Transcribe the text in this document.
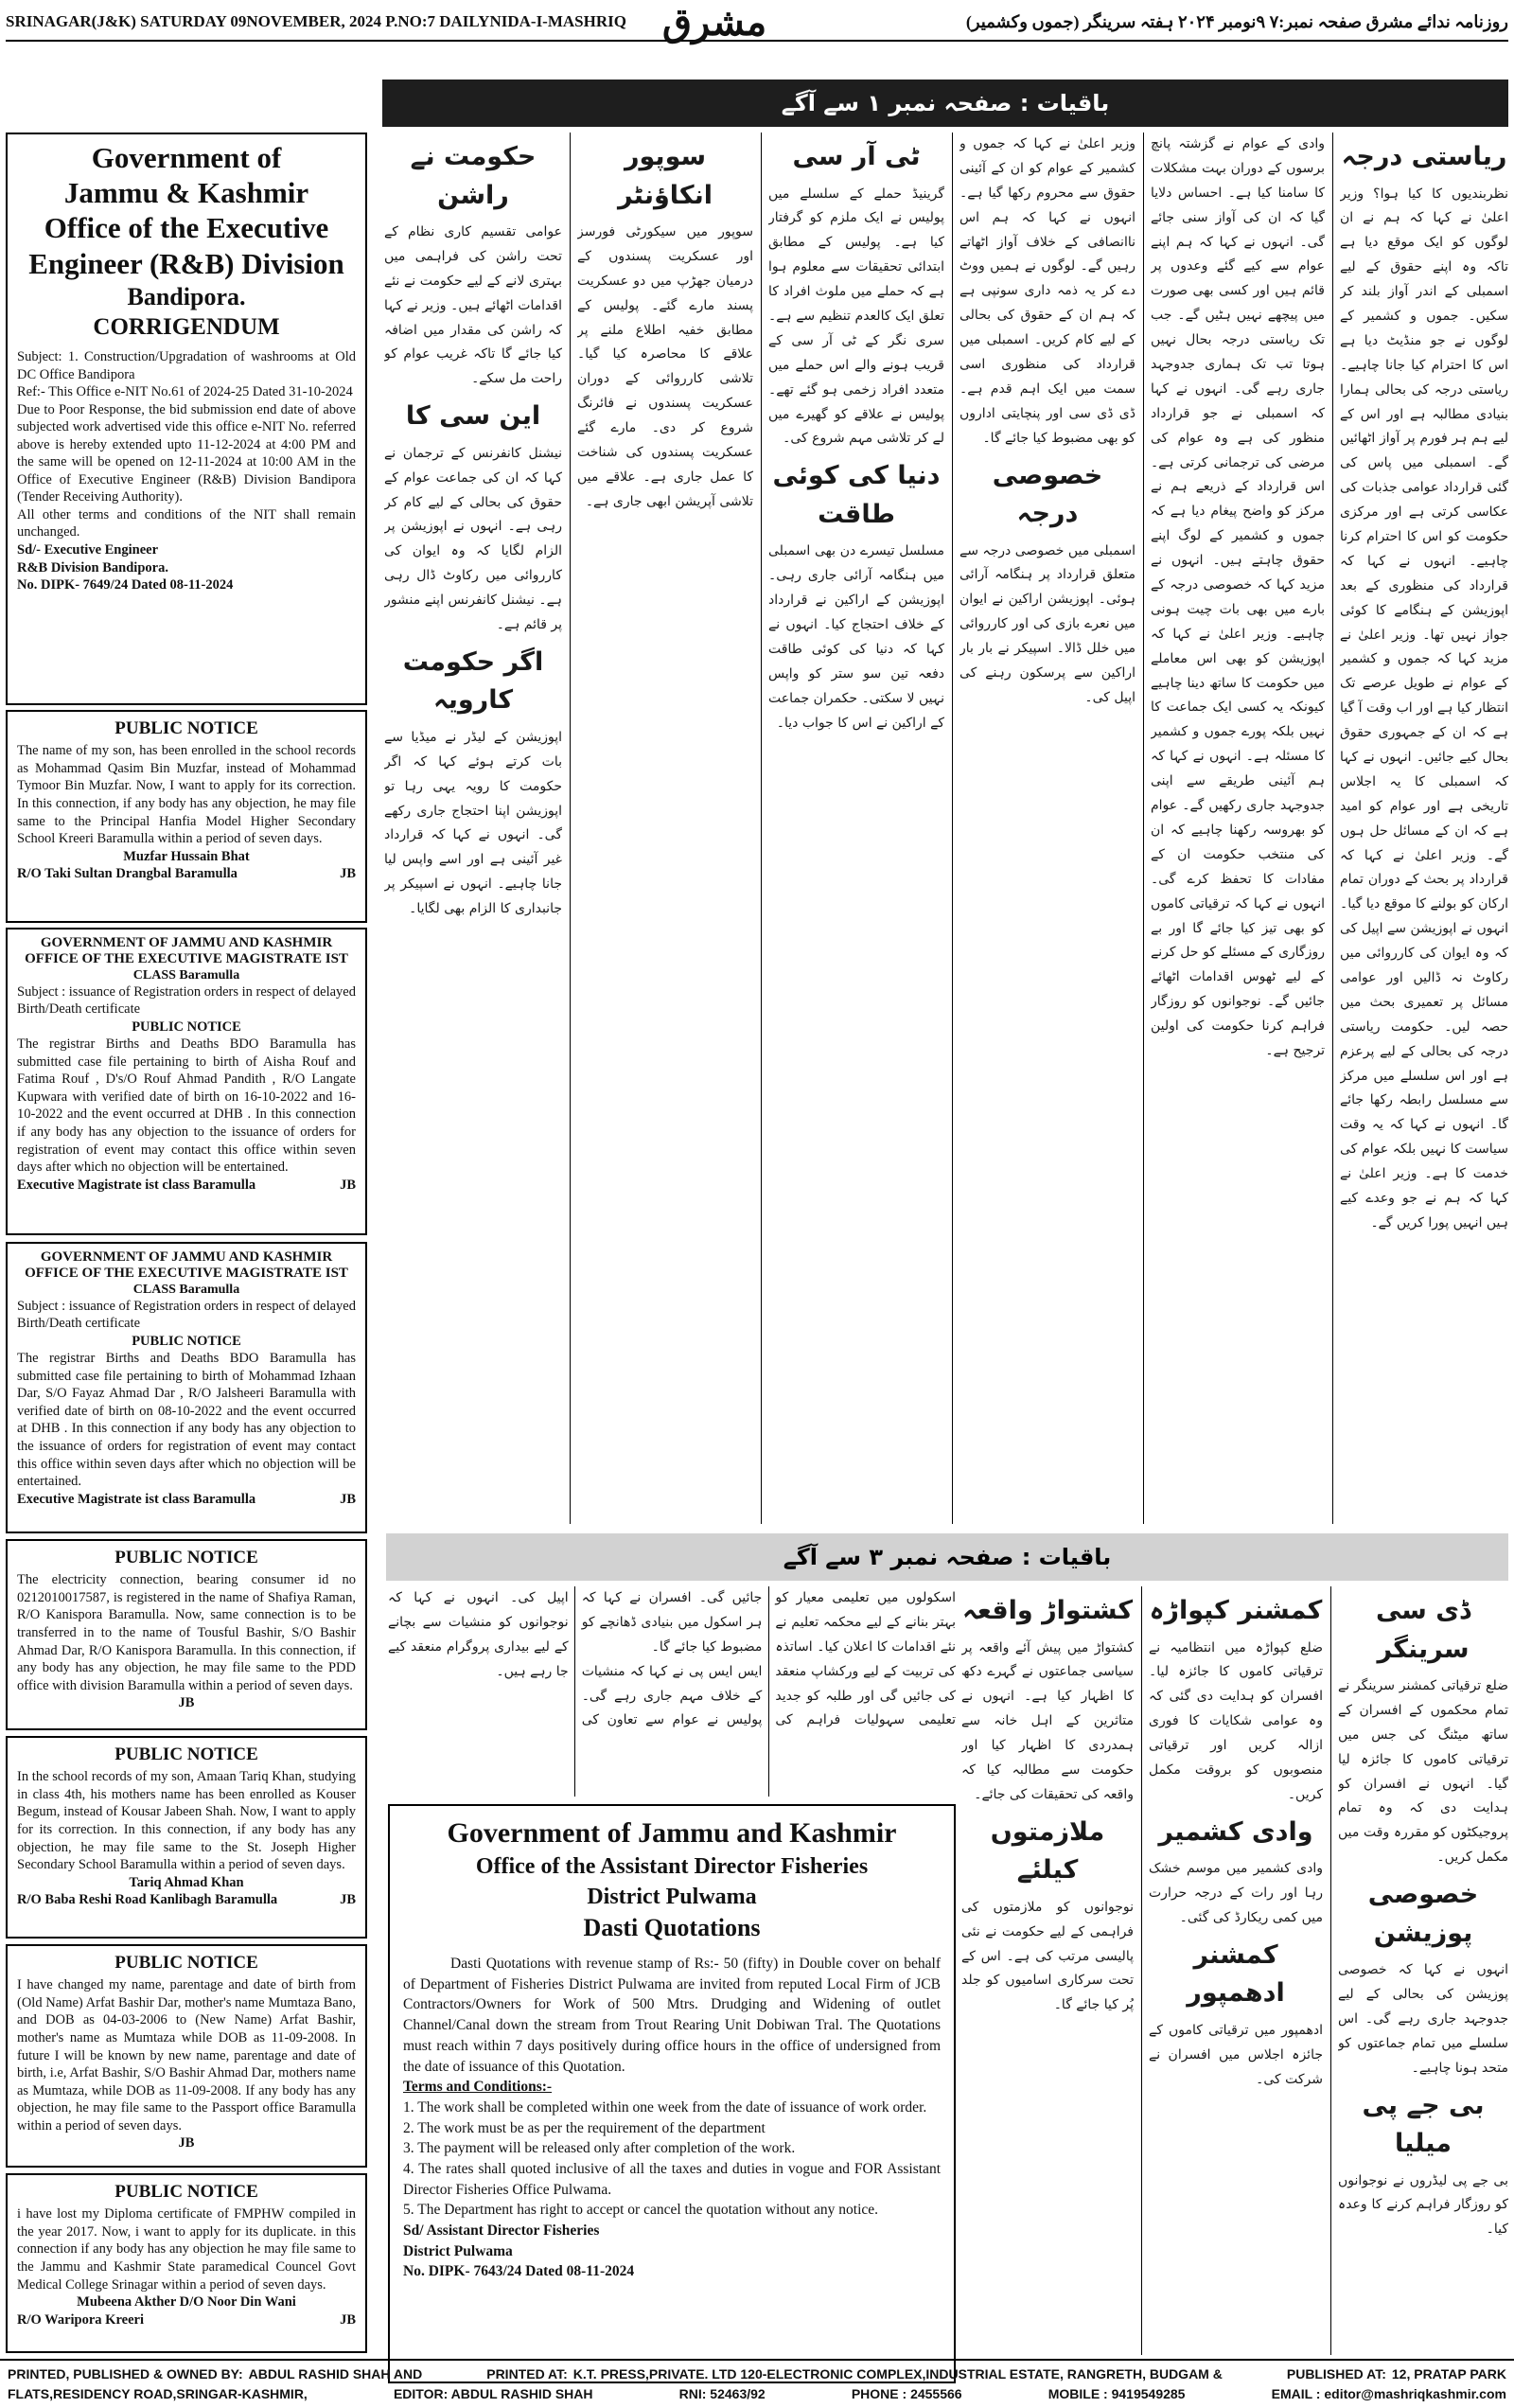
SRINAGAR(J&K) SATURDAY 09NOVEMBER, 2024 P.NO:7 DAILYNIDA-I-MASHRIQ	روزنامہ ندائے مشرق صفحہ نمبر:۷ ۹نومبر ۲۰۲۴ ہفتہ سرینگر (جموں وکشمیر)
مشرق
باقیات : صفحہ نمبر ۱ سے آگے
Government of
Jammu & Kashmir
Office of the Executive
Engineer (R&B) Division
Bandipora.
CORRIGENDUM

Subject: 1. Construction/Upgradation of washrooms at Old DC Office Bandipora

Ref:- This Office e-NIT No.61 of 2024-25 Dated 31-10-2024

Due to Poor Response, the bid submission end date of above subjected work advertised vide this office e-NIT No. referred above is hereby extended upto 11-12-2024 at 4:00 PM and the same will be opened on 12-11-2024 at 10:00 AM in the Office of Executive Engineer (R&B) Division Bandipora (Tender Receiving Authority).

All other terms and conditions of the NIT shall remain unchanged.

Sd/- Executive Engineer

R&B Division Bandipora.

No. DIPK- 7649/24 Dated 08-11-2024

PUBLIC NOTICE

The name of my son, has been enrolled in the school records as Mohammad Qasim Bin Muzfar, instead of Mohammad Tymoor Bin Muzfar. Now, I want to apply for its correction. In this connection, if any body has any objection, he may file same to the Principal Hanfia Model Higher Secondary School Kreeri Baramulla within a period of seven days.

Muzfar Hussain Bhat

R/O Taki Sultan Drangbal Baramulla	JB
GOVERNMENT OF JAMMU AND KASHMIR
OFFICE OF THE EXECUTIVE MAGISTRATE IST
CLASS Baramulla

Subject : issuance of Registration orders in respect of delayed Birth/Death certificate

PUBLIC NOTICE

The registrar Births and Deaths BDO Baramulla has submitted case file pertaining to birth of Aisha Rouf and Fatima Rouf , D's/O Rouf Ahmad Pandith , R/O Langate Kupwara with verified date of birth on 16-10-2022 and 16-10-2022 and the event occurred at DHB . In this connection if any body has any objection to the issuance of orders for registration of event may contact this office within seven days after which no objection will be entertained.

Executive Magistrate ist class Baramulla	JB
GOVERNMENT OF JAMMU AND KASHMIR
OFFICE OF THE EXECUTIVE MAGISTRATE IST
CLASS Baramulla

Subject : issuance of Registration orders in respect of delayed Birth/Death certificate

PUBLIC NOTICE

The registrar Births and Deaths BDO Baramulla has submitted case file pertaining to birth of Mohammad Izhaan Dar, S/O Fayaz Ahmad Dar , R/O Jalsheeri Baramulla with verified date of birth on 08-10-2022 and the event occurred at DHB . In this connection if any body has any objection to the issuance of orders for registration of event may contact this office within seven days after which no objection will be entertained.

Executive Magistrate ist class Baramulla	JB
PUBLIC NOTICE

The electricity connection, bearing consumer id no 0212010017587, is registered in the name of Shafiya Raman, R/O Kanispora Baramulla. Now, same connection is to be transferred in to the name of Tousful Bashir, S/O Bashir Ahmad Dar, R/O Kanispora Baramulla. In this connection, if any body has any objection, he may file same to the PDD office with division Baramulla within a period of seven days.

JB

PUBLIC NOTICE

In the school records of my son, Amaan Tariq Khan, studying in class 4th, his mothers name has been enrolled as Kouser Begum, instead of Kousar Jabeen Shah. Now, I want to apply for its correction. In this connection, if any body has any objection, he may file same to the St. Joseph Higher Secondary School Baramulla within a period of seven days.

Tariq Ahmad Khan

R/O Baba Reshi Road Kanlibagh Baramulla	JB
PUBLIC NOTICE

I have changed my name, parentage and date of birth from (Old Name) Arfat Bashir Dar, mother's name Mumtaza Bano, and DOB as 04-03-2006 to (New Name) Arfat Bashir, mother's name as Mumtaza while DOB as 11-09-2008. In future I will be known by new name, parentage and date of birth, i.e, Arfat Bashir, S/O Bashir Ahmad Dar, mothers name as Mumtaza, while DOB as 11-09-2008. If any body has any objection, he may file same to the Passport office Baramulla within a period of seven days.

JB

PUBLIC NOTICE

i have lost my Diploma certificate of FMPHW compiled in the year 2017. Now, i want to apply for its duplicate. in this connection if any body has any objection he may file same to the Jammu and Kashmir State paramedical Councel Govt Medical College Srinagar within a period of seven days.

Mubeena Akther D/O Noor Din Wani

R/O Waripora Kreeri	JB
ریاستی درجہ
نظربندیوں کا کیا ہوا؟ وزیر اعلیٰ نے کہا کہ ہم نے ان لوگوں کو ایک موقع دیا ہے تاکہ وہ اپنے حقوق کے لیے اسمبلی کے اندر آواز بلند کر سکیں۔ جموں و کشمیر کے لوگوں نے جو منڈیٹ دیا ہے اس کا احترام کیا جانا چاہیے۔ ریاستی درجہ کی بحالی ہمارا بنیادی مطالبہ ہے اور اس کے لیے ہم ہر فورم پر آواز اٹھائیں گے۔ اسمبلی میں پاس کی گئی قرارداد عوامی جذبات کی عکاسی کرتی ہے اور مرکزی حکومت کو اس کا احترام کرنا چاہیے۔ انہوں نے کہا کہ قرارداد کی منظوری کے بعد اپوزیشن کے ہنگامے کا کوئی جواز نہیں تھا۔ وزیر اعلیٰ نے مزید کہا کہ جموں و کشمیر کے عوام نے طویل عرصے تک انتظار کیا ہے اور اب وقت آ گیا ہے کہ ان کے جمہوری حقوق بحال کیے جائیں۔ انہوں نے کہا کہ اسمبلی کا یہ اجلاس تاریخی ہے اور عوام کو امید ہے کہ ان کے مسائل حل ہوں گے۔ وزیر اعلیٰ نے کہا کہ قرارداد پر بحث کے دوران تمام ارکان کو بولنے کا موقع دیا گیا۔ انہوں نے اپوزیشن سے اپیل کی کہ وہ ایوان کی کارروائی میں رکاوٹ نہ ڈالیں اور عوامی مسائل پر تعمیری بحث میں حصہ لیں۔ حکومت ریاستی درجہ کی بحالی کے لیے پرعزم ہے اور اس سلسلے میں مرکز سے مسلسل رابطہ رکھا جائے گا۔ انہوں نے کہا کہ یہ وقت سیاست کا نہیں بلکہ عوام کی خدمت کا ہے۔ وزیر اعلیٰ نے کہا کہ ہم نے جو وعدے کیے ہیں انہیں پورا کریں گے۔
وادی کے عوام نے گزشتہ پانچ برسوں کے دوران بہت مشکلات کا سامنا کیا ہے۔ احساس دلایا گیا کہ ان کی آواز سنی جائے گی۔ انہوں نے کہا کہ ہم اپنے عوام سے کیے گئے وعدوں پر قائم ہیں اور کسی بھی صورت میں پیچھے نہیں ہٹیں گے۔ جب تک ریاستی درجہ بحال نہیں ہوتا تب تک ہماری جدوجہد جاری رہے گی۔ انہوں نے کہا کہ اسمبلی نے جو قرارداد منظور کی ہے وہ عوام کی مرضی کی ترجمانی کرتی ہے۔ اس قرارداد کے ذریعے ہم نے مرکز کو واضح پیغام دیا ہے کہ جموں و کشمیر کے لوگ اپنے حقوق چاہتے ہیں۔ انہوں نے مزید کہا کہ خصوصی درجہ کے بارے میں بھی بات چیت ہونی چاہیے۔ وزیر اعلیٰ نے کہا کہ اپوزیشن کو بھی اس معاملے میں حکومت کا ساتھ دینا چاہیے کیونکہ یہ کسی ایک جماعت کا نہیں بلکہ پورے جموں و کشمیر کا مسئلہ ہے۔ انہوں نے کہا کہ ہم آئینی طریقے سے اپنی جدوجہد جاری رکھیں گے۔ عوام کو بھروسہ رکھنا چاہیے کہ ان کی منتخب حکومت ان کے مفادات کا تحفظ کرے گی۔ انہوں نے کہا کہ ترقیاتی کاموں کو بھی تیز کیا جائے گا اور بے روزگاری کے مسئلے کو حل کرنے کے لیے ٹھوس اقدامات اٹھائے جائیں گے۔ نوجوانوں کو روزگار فراہم کرنا حکومت کی اولین ترجیح ہے۔
وزیر اعلیٰ نے کہا کہ جموں و کشمیر کے عوام کو ان کے آئینی حقوق سے محروم رکھا گیا ہے۔ انہوں نے کہا کہ ہم اس ناانصافی کے خلاف آواز اٹھاتے رہیں گے۔ لوگوں نے ہمیں ووٹ دے کر یہ ذمہ داری سونپی ہے کہ ہم ان کے حقوق کی بحالی کے لیے کام کریں۔ اسمبلی میں قرارداد کی منظوری اسی سمت میں ایک اہم قدم ہے۔ ڈی ڈی سی اور پنچایتی اداروں کو بھی مضبوط کیا جائے گا۔
خصوصی درجہ
اسمبلی میں خصوصی درجہ سے متعلق قرارداد پر ہنگامہ آرائی ہوئی۔ اپوزیشن اراکین نے ایوان میں نعرے بازی کی اور کارروائی میں خلل ڈالا۔ اسپیکر نے بار بار اراکین سے پرسکون رہنے کی اپیل کی۔
ٹی آر سی
گرینیڈ حملے کے سلسلے میں پولیس نے ایک ملزم کو گرفتار کیا ہے۔ پولیس کے مطابق ابتدائی تحقیقات سے معلوم ہوا ہے کہ حملے میں ملوث افراد کا تعلق ایک کالعدم تنظیم سے ہے۔ سری نگر کے ٹی آر سی کے قریب ہونے والے اس حملے میں متعدد افراد زخمی ہو گئے تھے۔ پولیس نے علاقے کو گھیرے میں لے کر تلاشی مہم شروع کی۔
دنیا کی کوئی طاقت
مسلسل تیسرے دن بھی اسمبلی میں ہنگامہ آرائی جاری رہی۔ اپوزیشن کے اراکین نے قرارداد کے خلاف احتجاج کیا۔ انہوں نے کہا کہ دنیا کی کوئی طاقت دفعہ تین سو ستر کو واپس نہیں لا سکتی۔ حکمران جماعت کے اراکین نے اس کا جواب دیا۔
سوپور انکاؤنٹر
سوپور میں سیکورٹی فورسز اور عسکریت پسندوں کے درمیان جھڑپ میں دو عسکریت پسند مارے گئے۔ پولیس کے مطابق خفیہ اطلاع ملنے پر علاقے کا محاصرہ کیا گیا۔ تلاشی کارروائی کے دوران عسکریت پسندوں نے فائرنگ شروع کر دی۔ مارے گئے عسکریت پسندوں کی شناخت کا عمل جاری ہے۔ علاقے میں تلاشی آپریشن ابھی جاری ہے۔
حکومت نے راشن
عوامی تقسیم کاری نظام کے تحت راشن کی فراہمی میں بہتری لانے کے لیے حکومت نے نئے اقدامات اٹھائے ہیں۔ وزیر نے کہا کہ راشن کی مقدار میں اضافہ کیا جائے گا تاکہ غریب عوام کو راحت مل سکے۔
این سی کا
نیشنل کانفرنس کے ترجمان نے کہا کہ ان کی جماعت عوام کے حقوق کی بحالی کے لیے کام کر رہی ہے۔ انہوں نے اپوزیشن پر الزام لگایا کہ وہ ایوان کی کارروائی میں رکاوٹ ڈال رہی ہے۔ نیشنل کانفرنس اپنے منشور پر قائم ہے۔
اگر حکومت کارویہ
اپوزیشن کے لیڈر نے میڈیا سے بات کرتے ہوئے کہا کہ اگر حکومت کا رویہ یہی رہا تو اپوزیشن اپنا احتجاج جاری رکھے گی۔ انہوں نے کہا کہ قرارداد غیر آئینی ہے اور اسے واپس لیا جانا چاہیے۔ انہوں نے اسپیکر پر جانبداری کا الزام بھی لگایا۔
باقیات : صفحہ نمبر ۳ سے آگے
ڈی سی سرینگر
ضلع ترقیاتی کمشنر سرینگر نے تمام محکموں کے افسران کے ساتھ میٹنگ کی جس میں ترقیاتی کاموں کا جائزہ لیا گیا۔ انہوں نے افسران کو ہدایت دی کہ وہ تمام پروجیکٹوں کو مقررہ وقت میں مکمل کریں۔
خصوصی پوزیشن
انہوں نے کہا کہ خصوصی پوزیشن کی بحالی کے لیے جدوجہد جاری رہے گی۔ اس سلسلے میں تمام جماعتوں کو متحد ہونا چاہیے۔
بی جے پی میلیا
بی جے پی لیڈروں نے نوجوانوں کو روزگار فراہم کرنے کا وعدہ کیا۔
کمشنر کپواڑہ
ضلع کپواڑہ میں انتظامیہ نے ترقیاتی کاموں کا جائزہ لیا۔ افسران کو ہدایت دی گئی کہ وہ عوامی شکایات کا فوری ازالہ کریں اور ترقیاتی منصوبوں کو بروقت مکمل کریں۔
وادی کشمیر
وادی کشمیر میں موسم خشک رہا اور رات کے درجہ حرارت میں کمی ریکارڈ کی گئی۔
کمشنر ادھمپور
ادھمپور میں ترقیاتی کاموں کے جائزہ اجلاس میں افسران نے شرکت کی۔
کشتواڑ واقعہ
کشتواڑ میں پیش آئے واقعہ پر سیاسی جماعتوں نے گہرے دکھ کا اظہار کیا ہے۔ انہوں نے متاثرین کے اہل خانہ سے ہمدردی کا اظہار کیا اور حکومت سے مطالبہ کیا کہ واقعہ کی تحقیقات کی جائے۔
ملازمتوں کیلئے
نوجوانوں کو ملازمتوں کی فراہمی کے لیے حکومت نے نئی پالیسی مرتب کی ہے۔ اس کے تحت سرکاری اسامیوں کو جلد پُر کیا جائے گا۔
اسکولوں میں تعلیمی معیار کو بہتر بنانے کے لیے محکمہ تعلیم نے نئے اقدامات کا اعلان کیا۔ اساتذہ کی تربیت کے لیے ورکشاپ منعقد کی جائیں گی اور طلبہ کو جدید تعلیمی سہولیات فراہم کی جائیں گی۔ افسران نے کہا کہ ہر اسکول میں بنیادی ڈھانچے کو مضبوط کیا جائے گا۔
ایس ایس پی نے کہا کہ منشیات کے خلاف مہم جاری رہے گی۔ پولیس نے عوام سے تعاون کی اپیل کی۔ انہوں نے کہا کہ نوجوانوں کو منشیات سے بچانے کے لیے بیداری پروگرام منعقد کیے جا رہے ہیں۔
Government of Jammu and Kashmir
Office of the Assistant Director Fisheries
District Pulwama
Dasti Quotations

Dasti Quotations with revenue stamp of Rs:- 50 (fifty) in Double cover on behalf of Department of Fisheries District Pulwama are invited from reputed Local Firm of JCB Contractors/Owners for Work of 500 Mtrs. Drudging and Widening of outlet Channel/Canal down the stream from Trout Rearing Unit Dobiwan Tral. The Quotations must reach within 7 days positively during office hours in the office of undersigned from the date of issuance of this Quotation.

Terms and Conditions:-

1. The work shall be completed within one week from the date of issuance of work order.

2. The work must be as per the requirement of the department

3. The payment will be released only after completion of the work.

4. The rates shall quoted inclusive of all the taxes and duties in vogue and FOR Assistant Director Fisheries Office Pulwama.

5. The Department has right to accept or cancel the quotation without any notice.

Sd/ Assistant Director Fisheries

District Pulwama

No. DIPK- 7643/24 Dated 08-11-2024

PRINTED, PUBLISHED & OWNED BY: ABDUL RASHID SHAH AND	PRINTED AT: K.T. PRESS,PRIVATE. LTD 120-ELECTRONIC COMPLEX,INDUSTRIAL ESTATE, RANGRETH, BUDGAM &	PUBLISHED AT: 12, PRATAP PARK
FLATS,RESIDENCY ROAD,SRINGAR-KASHMIR,	EDITOR: ABDUL RASHID SHAH	RNI: 52463/92	PHONE : 2455566	MOBILE : 9419549285	EMAIL : editor@mashriqkashmir.com
